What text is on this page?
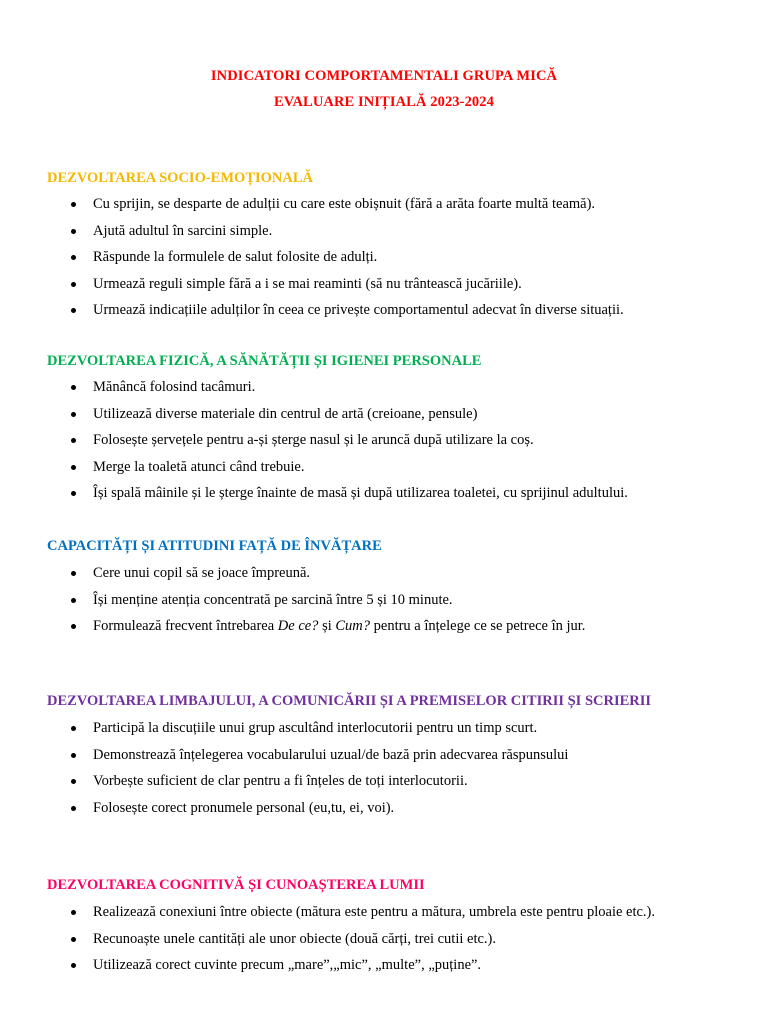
INDICATORI COMPORTAMENTALI GRUPA MICĂ
EVALUARE INIȚIALĂ 2023-2024
DEZVOLTAREA SOCIO-EMOȚIONALĂ
Cu sprijin, se desparte de adulții cu care este obișnuit (fără a arăta foarte multă teamă).
Ajută adultul în sarcini simple.
Răspunde la formulele de salut folosite de adulți.
Urmează reguli simple fără a i se mai reaminti (să nu trântească jucăriile).
Urmează indicațiile adulților în ceea ce privește comportamentul adecvat în diverse situații.
DEZVOLTAREA FIZICĂ, A SĂNĂTĂȚII ȘI IGIENEI PERSONALE
Mănâncă folosind tacâmuri.
Utilizează diverse materiale din centrul de artă (creioane, pensule)
Folosește șervețele pentru a-și șterge nasul și le aruncă după utilizare la coș.
Merge la toaletă atunci când trebuie.
Își spală mâinile și le șterge înainte de masă și după utilizarea toaletei, cu sprijinul adultului.
CAPACITĂȚI ȘI ATITUDINI FAȚĂ DE ÎNVĂȚARE
Cere unui copil să se joace împreună.
Își menține atenția concentrată pe sarcină între 5 și 10 minute.
Formulează frecvent întrebarea De ce? și Cum? pentru a înțelege ce se petrece în jur.
DEZVOLTAREA LIMBAJULUI, A COMUNICĂRII ȘI A PREMISELOR CITIRII ȘI SCRIERII
Participă la discuțiile unui grup ascultând interlocutorii pentru un timp scurt.
Demonstrează înțelegerea vocabularului uzual/de bază prin adecvarea răspunsului
Vorbește suficient de clar pentru a fi înțeles de toți interlocutorii.
Folosește corect pronumele personal (eu,tu, ei, voi).
DEZVOLTAREA COGNITIVĂ ȘI CUNOAȘTEREA LUMII
Realizează conexiuni între obiecte (mătura este pentru a mătura, umbrela este pentru ploaie etc.).
Recunoaște unele cantități ale unor obiecte (două cărți, trei cutii etc.).
Utilizează corect cuvinte precum „mare”,„mic”, „multe”, „puține”.
